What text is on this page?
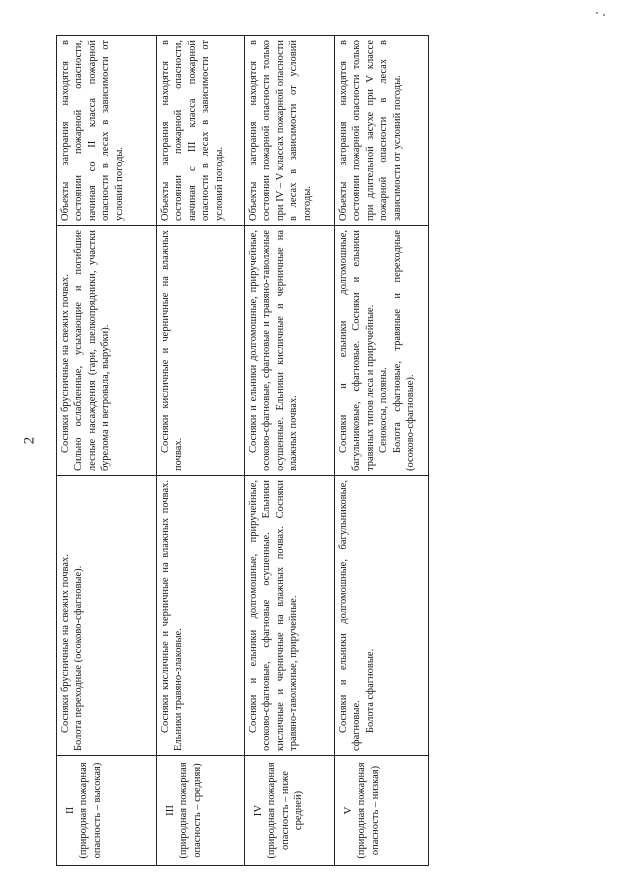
2
II (природная пожарная опасность – высокая)	Сосняки брусничные на свежих почвах. Болота переходные (осоково-сфагновые).	Сосняки брусничные на свежих почвах. Сильно ослабленные, усыхающие и погибшие лесные насаждения (гари, шелкопрядники, участки бурелома и ветровала, вырубки).	Объекты загорания находятся в состоянии пожарной опасности, начиная со II класса пожарной опасности в лесах в зависимости от условий погоды.

III (природная пожарная опасность – средняя)	Сосняки кисличные и черничные на влажных почвах. Ельники травяно-злаковые.	Сосняки кисличные и черничные на влажных почвах.	Объекты загорания находятся в состоянии пожарной опасности, начиная с III класса пожарной опасности в лесах в зависимости от условий погоды.

IV (природная пожарная опасность – ниже средней)	Сосняки и ельники долгомошные, приручейные, осоково-сфагновые, сфагновые осушенные. Ельники кисличные и черничные на влажных почвах. Сосняки травяно-таволжные, приручейные.	Сосняки и ельники долгомошные, приручейные, осоково-сфагновые, сфагновые и травяно-таволжные осушенные. Ельники кисличные и черничные на влажных почвах.	Объекты загорания находятся в состоянии пожарной опасности только при IV – V классах пожарной опасности в лесах в зависимости от условий погоды.

V (природная пожарная опасность – низкая)	Сосняки и ельники долгомошные, багульниковые, сфагновые. Болота сфагновые.	Сосняки и ельники долгомошные, багульниковые, сфагновые. Сосняки и ельники травяных типов леса и приручейные. Сенокосы, поляны. Болота сфагновые, травяные и переходные (осоково-сфагновые).	Объекты загорания находятся в состоянии пожарной опасности только при длительной засухе при V классе пожарной опасности в лесах в зависимости от условий погоды.
